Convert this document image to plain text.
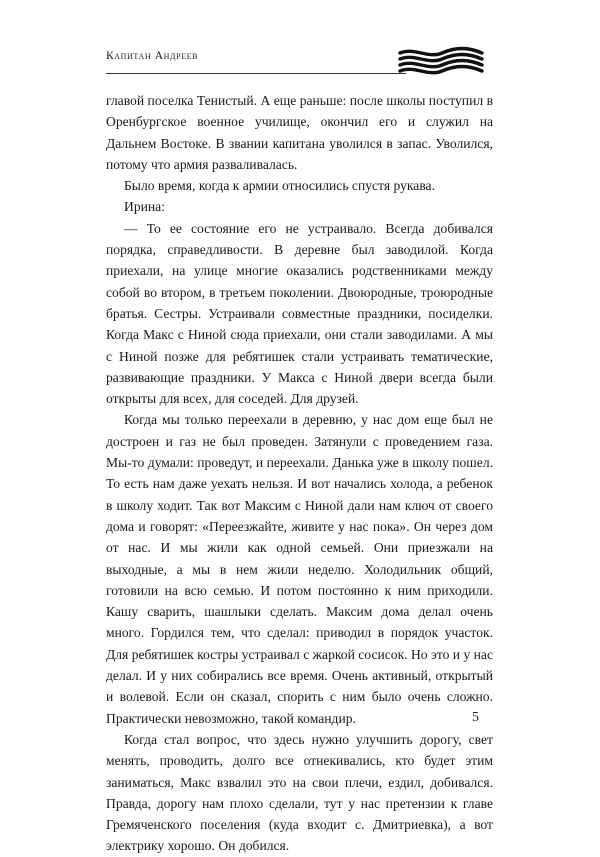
Капитан Андреев

главой поселка Тенистый. А еще раньше: после школы поступил в Оренбургское военное училище, окончил его и служил на Дальнем Востоке. В звании капитана уволился в запас. Уволился, потому что армия разваливалась.

Было время, когда к армии относились спустя рукава.

Ирина:

— То ее состояние его не устраивало. Всегда добивался порядка, справедливости. В деревне был заводилой. Когда приехали, на улице многие оказались родственниками между собой во втором, в третьем поколении. Двоюродные, троюродные братья. Сестры. Устраивали совместные праздники, посиделки. Когда Макс с Ниной сюда приехали, они стали заводилами. А мы с Ниной позже для ребятишек стали устраивать тематические, развивающие праздники. У Макса с Ниной двери всегда были открыты для всех, для соседей. Для друзей.

Когда мы только переехали в деревню, у нас дом еще был не достроен и газ не был проведен. Затянули с проведением газа. Мы-то думали: проведут, и переехали. Данька уже в школу пошел. То есть нам даже уехать нельзя. И вот начались холода, а ребенок в школу ходит. Так вот Максим с Ниной дали нам ключ от своего дома и говорят: «Переезжайте, живите у нас пока». Он через дом от нас. И мы жили как одной семьей. Они приезжали на выходные, а мы в нем жили неделю. Холодильник общий, готовили на всю семью. И потом постоянно к ним приходили. Кашу сварить, шашлыки сделать. Максим дома делал очень много. Гордился тем, что сделал: приводил в порядок участок. Для ребятишек костры устраивал с жаркой сосисок. Но это и у нас делал. И у них собирались все время. Очень активный, открытый и волевой. Если он сказал, спорить с ним было очень сложно. Практически невозможно, такой командир.

Когда стал вопрос, что здесь нужно улучшить дорогу, свет менять, проводить, долго все отнекивались, кто будет этим заниматься, Макс взвалил это на свои плечи, ездил, добивался. Правда, дорогу нам плохо сделали, тут у нас претензии к главе Гремяченского поселения (куда входит с. Дмитриевка), а вот электрику хорошо. Он добился.

5
